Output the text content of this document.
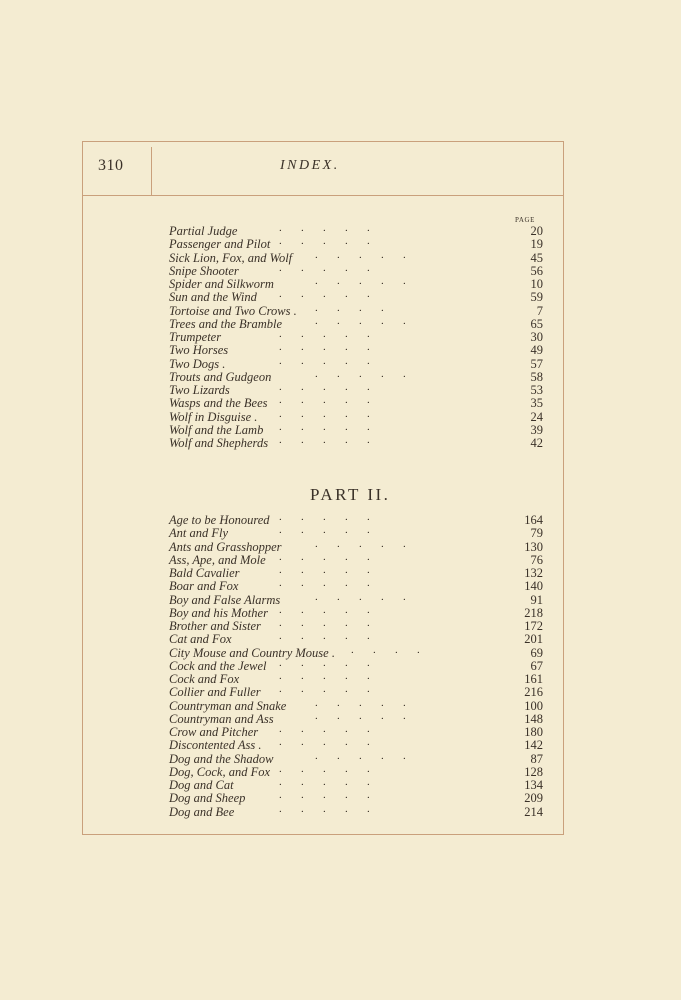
310	INDEX.
PAGE
Partial Judge	.       .       .       .       .	20
Passenger and Pilot .       .       .       .       .	19
Sick Lion, Fox, and Wolf .       .       .       .       .	45
Snipe Shooter	.       .       .       .       .	56
Spider and Silkworm	.       .       .       .       .	10
Sun and the Wind .       .       .       .       .	59
Tortoise and Two Crows . .       .       .       .	7
Trees and the Bramble	.       .       .       .       .	65
Trumpeter	.       .       .       .       .	30
Two Horses	.       .       .       .       .	49
Two Dogs .	.       .       .       .       .	57
Trouts and Gudgeon	.       .       .       .       .	58
Two Lizards	.       .       .       .       .	53
Wasps and the Bees .       .       .       .       .	35
Wolf in Disguise . .       .       .       .       .	24
Wolf and the Lamb .       .       .       .       .	39
Wolf and Shepherds .       .       .       .       .	42
PART II.
Age to be Honoured .       .       .       .       .	164
Ant and Fly	.       .       .       .       .	79
Ants and Grasshopper	.       .       .       .       .	130
Ass, Ape, and Mole .       .       .       .       .	76
Bald Cavalier	.       .       .       .       .	132
Boar and Fox	.       .       .       .       .	140
Boy and False Alarms	.       .       .       .       .	91
Boy and his Mother .       .       .       .       .	218
Brother and Sister .       .       .       .       .	172
Cat and Fox	.       .       .       .       .	201
City Mouse and Country Mouse . .       .       .       .	69
Cock and the Jewel .       .       .       .       .	67
Cock and Fox	.       .       .       .       .	161
Collier and Fuller .       .       .       .       .	216
Countryman and Snake	.       .       .       .       .	100
Countryman and Ass	.       .       .       .       .	148
Crow and Pitcher .       .       .       .       .	180
Discontented Ass . .       .       .       .       .	142
Dog and the Shadow	.       .       .       .       .	87
Dog, Cock, and Fox .       .       .       .       .	128
Dog and Cat	.       .       .       .       .	134
Dog and Sheep	.       .       .       .       .	209
Dog and Bee	.       .       .       .       .	214
